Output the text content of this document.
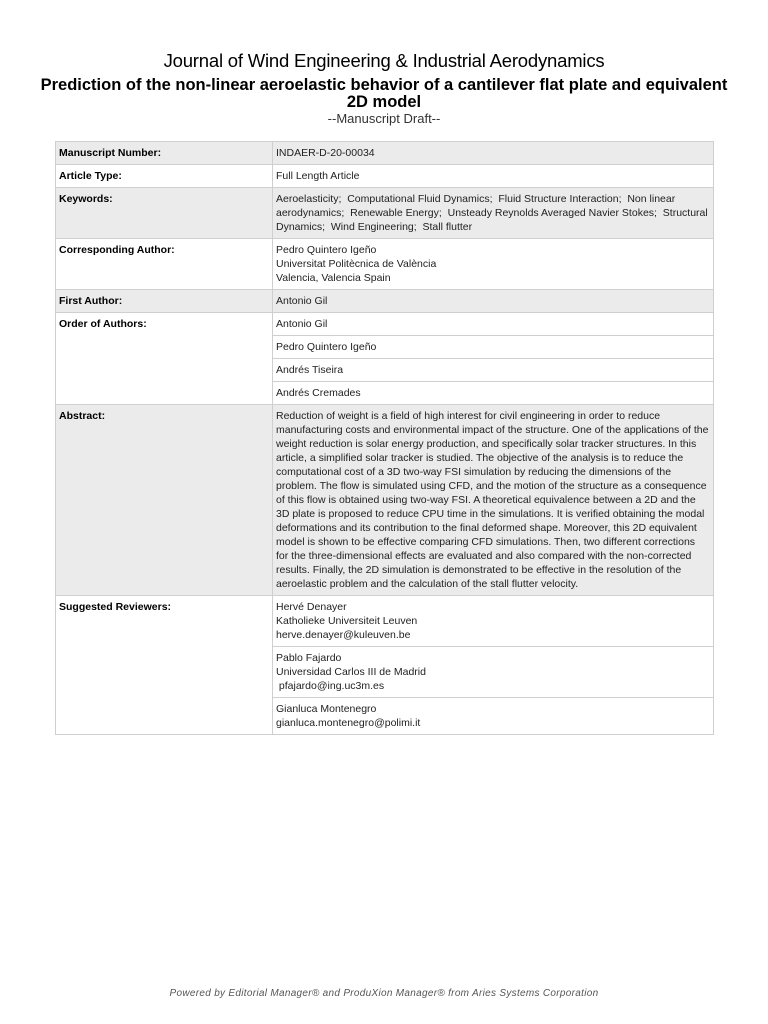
Journal of Wind Engineering & Industrial Aerodynamics
Prediction of the non-linear aeroelastic behavior of a cantilever flat plate and equivalent 2D model
--Manuscript Draft--
Manuscript Number:	INDAER-D-20-00034
Article Type:	Full Length Article
Keywords:	Aeroelasticity; Computational Fluid Dynamics; Fluid Structure Interaction; Non linear aerodynamics; Renewable Energy; Unsteady Reynolds Averaged Navier Stokes; Structural Dynamics; Wind Engineering; Stall flutter
Corresponding Author:	Pedro Quintero Igeño
Universitat Politècnica de València
Valencia, Valencia Spain

First Author:	Antonio Gil
Order of Authors:	Antonio Gil
	Pedro Quintero Igeño
	Andrés Tiseira
	Andrés Cremades
Abstract:	Reduction of weight is a field of high interest for civil engineering in order to reduce manufacturing costs and environmental impact of the structure. One of the applications of the weight reduction is solar energy production, and specifically solar tracker structures. In this article, a simplified solar tracker is studied. The objective of the analysis is to reduce the computational cost of a 3D two-way FSI simulation by reducing the dimensions of the problem. The flow is simulated using CFD, and the motion of the structure as a consequence of this flow is obtained using two-way FSI. A theoretical equivalence between a 2D and the 3D plate is proposed to reduce CPU time in the simulations. It is verified obtaining the modal deformations and its contribution to the final deformed shape. Moreover, this 2D equivalent model is shown to be effective comparing CFD simulations. Then, two different corrections for the three-dimensional effects are evaluated and also compared with the non-corrected results. Finally, the 2D simulation is demonstrated to be effective in the resolution of the aeroelastic problem and the calculation of the stall flutter velocity.
Suggested Reviewers:	Hervé Denayer
Katholieke Universiteit Leuven
herve.denayer@kuleuven.be

	Pablo Fajardo
Universidad Carlos III de Madrid
pfajardo@ing.uc3m.es

	Gianluca Montenegro
gianluca.montenegro@polimi.it
Powered by Editorial Manager® and ProduXion Manager® from Aries Systems Corporation
